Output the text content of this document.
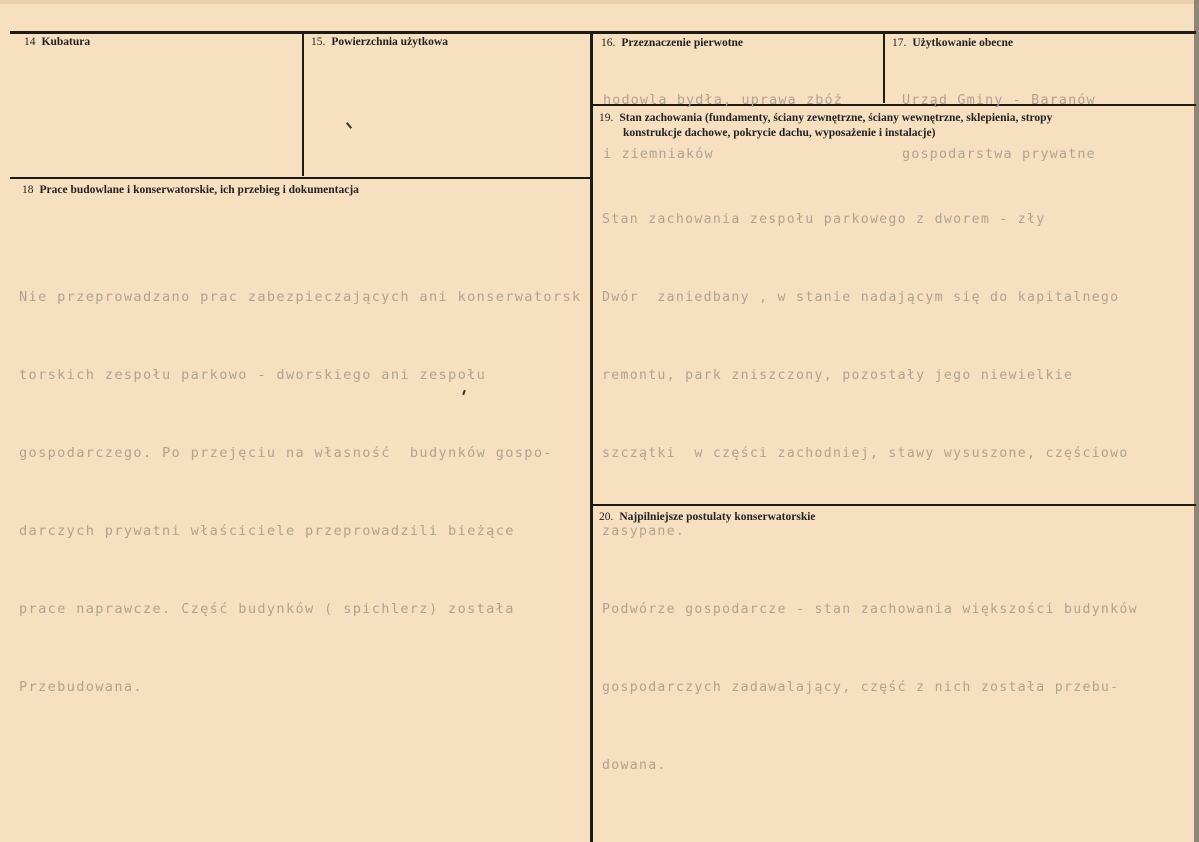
14 Kubatura	15. Powierzchnia użytkowa	16. Przeznaczenie pierwotne

hodowla bydła, uprawa zbóż

i ziemniaków

17. Użytkowanie obecne

Urząd Gminy - Baranów

gospodarstwa prywatne

19. Stan zachowania (fundamenty, ściany zewnętrzne, ściany wewnętrzne, sklepienia, stropy
konstrukcje dachowe, pokrycie dachu, wyposażenie i instalacje)

Stan zachowania zespołu parkowego z dworem - zły

Dwór  zaniedbany , w stanie nadającym się do kapitalnego

remontu, park zniszczony, pozostały jego niewielkie

szczątki  w części zachodniej, stawy wysuszone, częściowo

zasypane.

Podwórze gospodarcze - stan zachowania większości budynków

gospodarczych zadawalający, część z nich została przebu-

dowana.

18 Prace budowlane i konserwatorskie, ich przebieg i dokumentacja

Nie przeprowadzano prac zabezpieczających ani konserwatorsk

torskich zespołu parkowo - dworskiego ani zespołu

gospodarczego. Po przejęciu na własność  budynków gospo-

darczych prywatni właściciele przeprowadzili bieżące

prace naprawcze. Część budynków ( spichlerz) została

Przebudowana.

20. Najpilniejsze postulaty konserwatorskie
